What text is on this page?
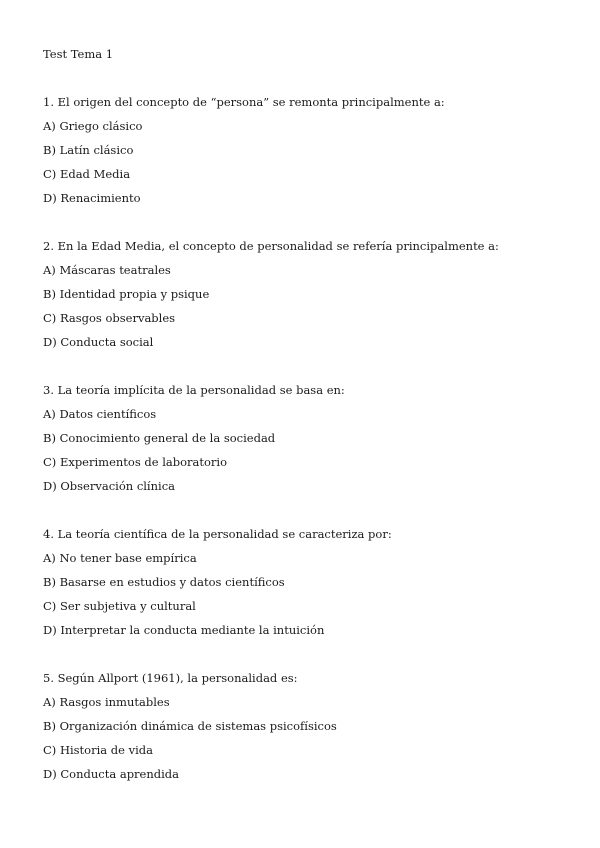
Test Tema 1
1. El origen del concepto de “persona” se remonta principalmente a:
A) Griego clásico
B) Latín clásico
C) Edad Media
D) Renacimiento
2. En la Edad Media, el concepto de personalidad se refería principalmente a:
A) Máscaras teatrales
B) Identidad propia y psique
C) Rasgos observables
D) Conducta social
3. La teoría implícita de la personalidad se basa en:
A) Datos científicos
B) Conocimiento general de la sociedad
C) Experimentos de laboratorio
D) Observación clínica
4. La teoría científica de la personalidad se caracteriza por:
A) No tener base empírica
B) Basarse en estudios y datos científicos
C) Ser subjetiva y cultural
D) Interpretar la conducta mediante la intuición
5. Según Allport (1961), la personalidad es:
A) Rasgos inmutables
B) Organización dinámica de sistemas psicofísicos
C) Historia de vida
D) Conducta aprendida
